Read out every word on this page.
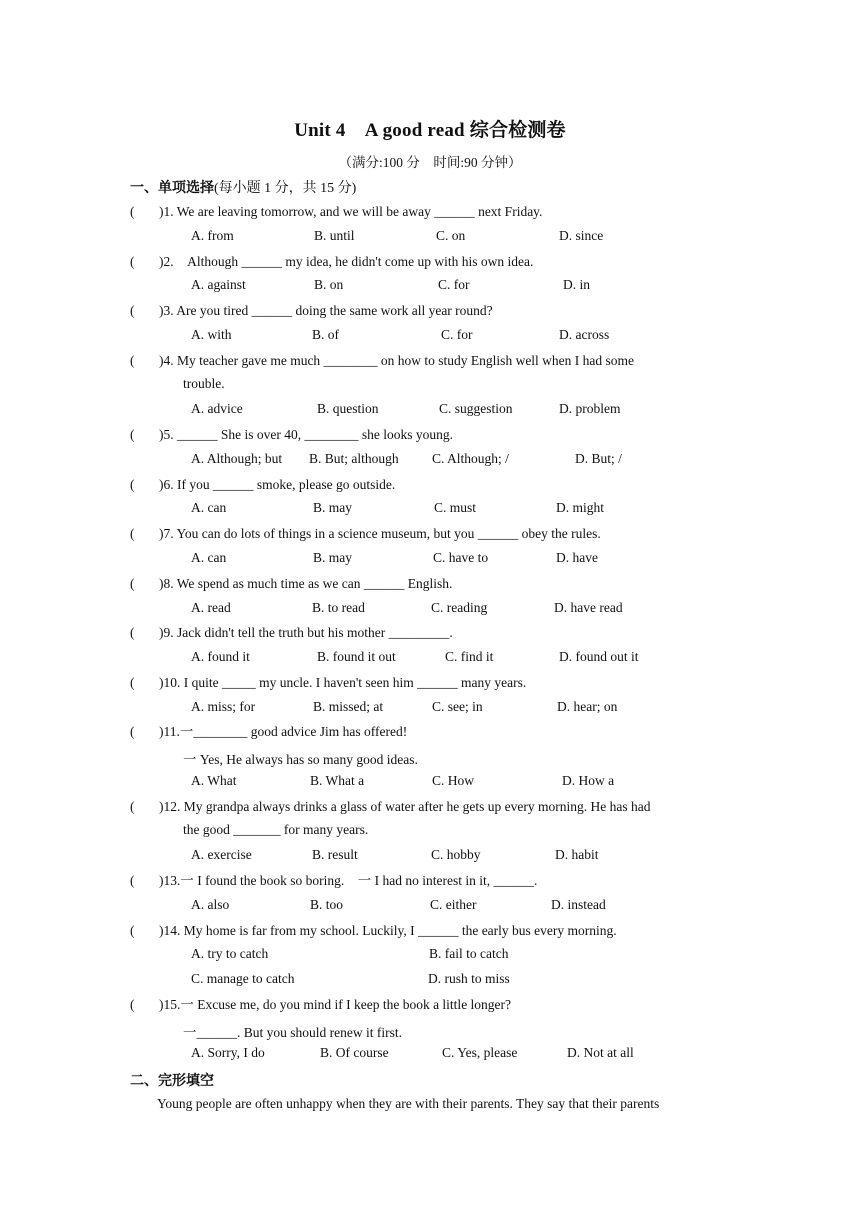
Unit 4　A good read 综合检测卷
（满分:100 分　时间:90 分钟）
一、单项选择(每小题 1 分，共 15 分)
( )1. We are leaving tomorrow, and we will be away ______ next Friday.
A. from	B. until	C. on	D. since
( )2.　Although ______ my idea, he didn't come up with his own idea.
A. against	B. on	C. for	D. in
( )3. Are you tired ______ doing the same work all year round?
A. with	B. of	C. for	D. across
( )4. My teacher gave me much ________ on how to study English well when I had some
trouble.
A. advice	B. question	C. suggestion	D. problem
( )5. ______ She is over 40, ________ she looks young.
A. Although; but B. But; although C. Although; /	D. But; /
( )6. If you ______ smoke, please go outside.
A. can	B. may	C. must	D. might
( )7. You can do lots of things in a science museum, but you ______ obey the rules.
A. can	B. may	C. have to	D. have
( )8. We spend as much time as we can ______ English.
A. read	B. to read	C. reading	D. have read
( )9. Jack didn't tell the truth but his mother _________.
A. found it	B. found it out	C. find it	D. found out it
( )10. I quite _____ my uncle. I haven't seen him ______ many years.
A. miss; for	B. missed; at	C. see; in	D. hear; on
( )11.一________ good advice Jim has offered!
一 Yes, He always has so many good ideas.
A. What	B. What a	C. How	D. How a
( )12. My grandpa always drinks a glass of water after he gets up every morning. He has had
the good _______ for many years.
A. exercise	B. result	C. hobby	D. habit
( )13.一 I found the book so boring.　一 I had no interest in it, ______.
A. also	B. too	C. either	D. instead
( )14. My home is far from my school. Luckily, I ______ the early bus every morning.
A. try to catch	B. fail to catch
C. manage to catch	D. rush to miss
( )15.一 Excuse me, do you mind if I keep the book a little longer?
一______. But you should renew it first.
A. Sorry, I do	B. Of course	C. Yes, please	D. Not at all
二、完形填空
Young people are often unhappy when they are with their parents. They say that their parents
